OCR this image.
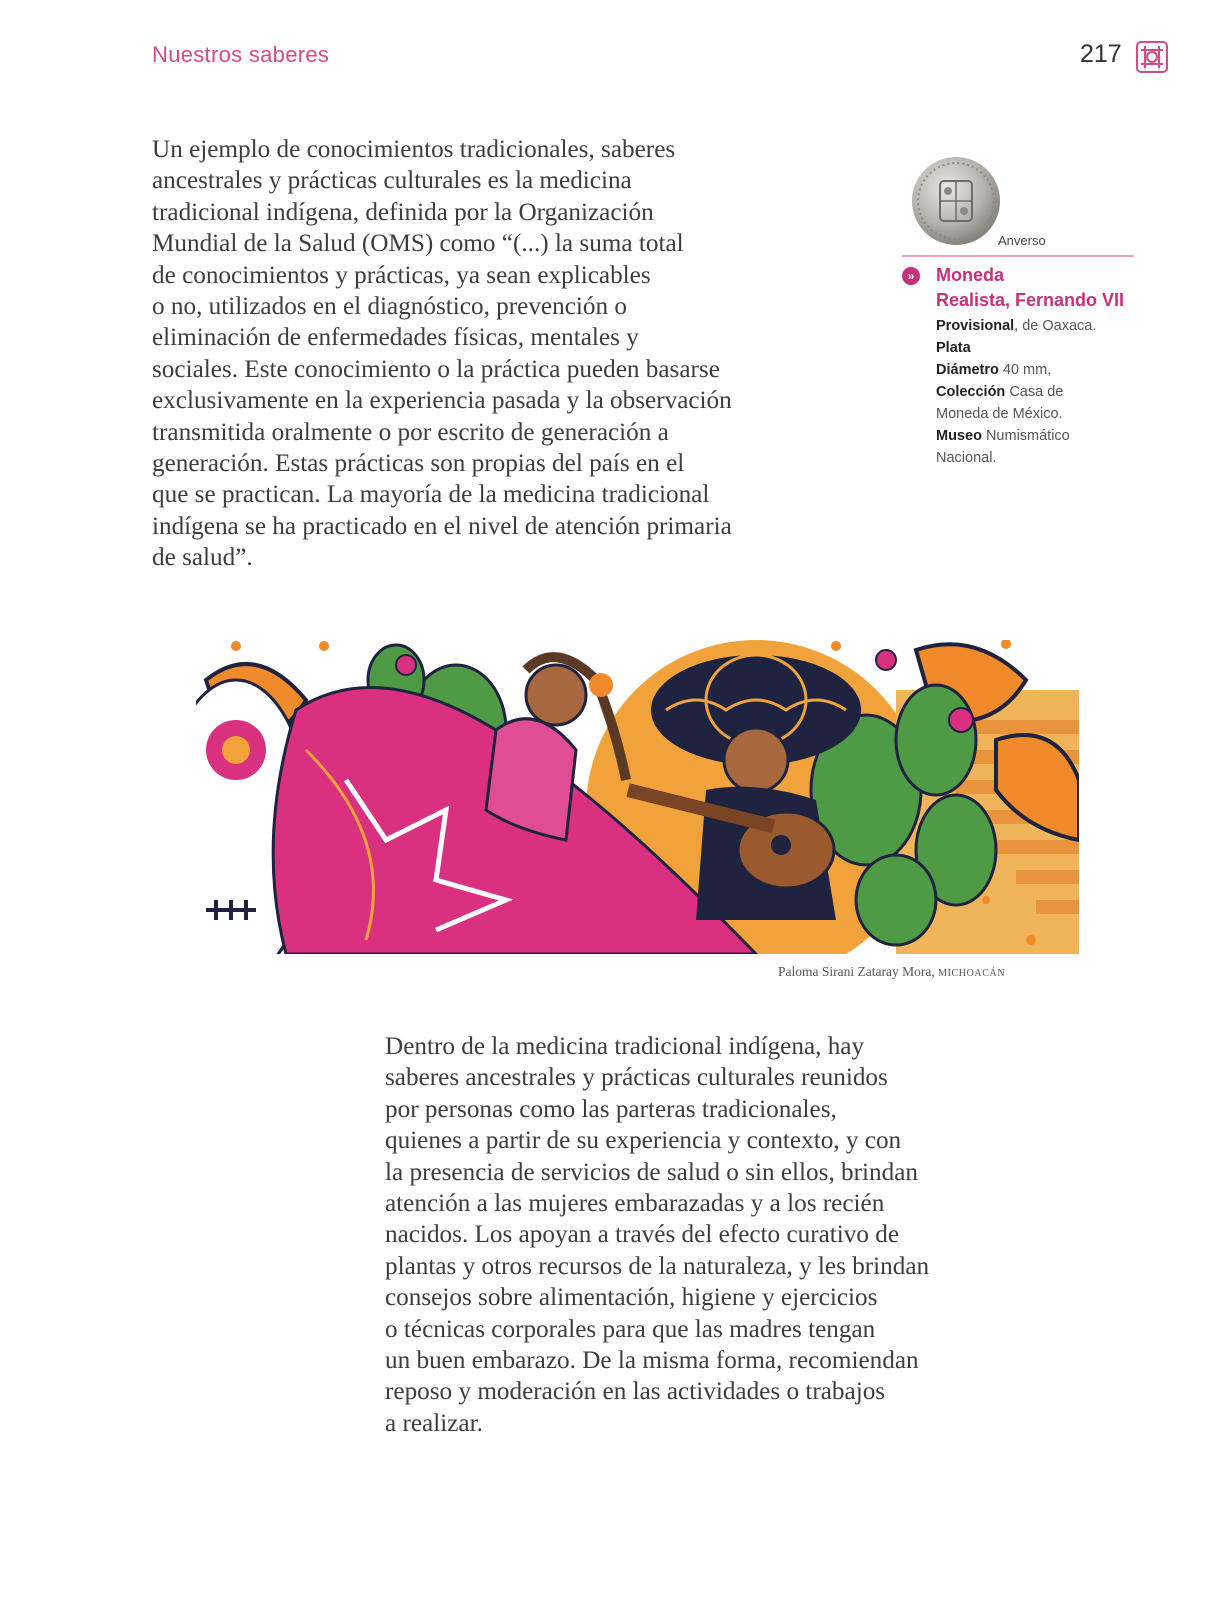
Nuestros saberes	217

Un ejemplo de conocimientos tradicionales, saberes
ancestrales y prácticas culturales es la medicina
tradicional indígena, definida por la Organización
Mundial de la Salud (OMS) como “(...) la suma total
de conocimientos y prácticas, ya sean explicables
o no, utilizados en el diagnóstico, prevención o
eliminación de enfermedades físicas, mentales y
sociales. Este conocimiento o la práctica pueden basarse
exclusivamente en la experiencia pasada y la observación
transmitida oralmente o por escrito de generación a
generación. Estas prácticas son propias del país en el
que se practican. La mayoría de la medicina tradicional
indígena se ha practicado en el nivel de atención primaria
de salud”.

Anverso
»	Moneda
Realista, Fernando VII
Provisional, de Oaxaca.
Plata
Diámetro 40 mm,
Colección Casa de
Moneda de México.
Museo Numismático
Nacional.
Paloma Sirani Zataray Mora, MICHOACÁN

Dentro de la medicina tradicional indígena, hay
saberes ancestrales y prácticas culturales reunidos
por personas como las parteras tradicionales,
quienes a partir de su experiencia y contexto, y con
la presencia de servicios de salud o sin ellos, brindan
atención a las mujeres embarazadas y a los recién
nacidos. Los apoyan a través del efecto curativo de
plantas y otros recursos de la naturaleza, y les brindan
consejos sobre alimentación, higiene y ejercicios
o técnicas corporales para que las madres tengan
un buen embarazo. De la misma forma, recomiendan
reposo y moderación en las actividades o trabajos
a realizar.
